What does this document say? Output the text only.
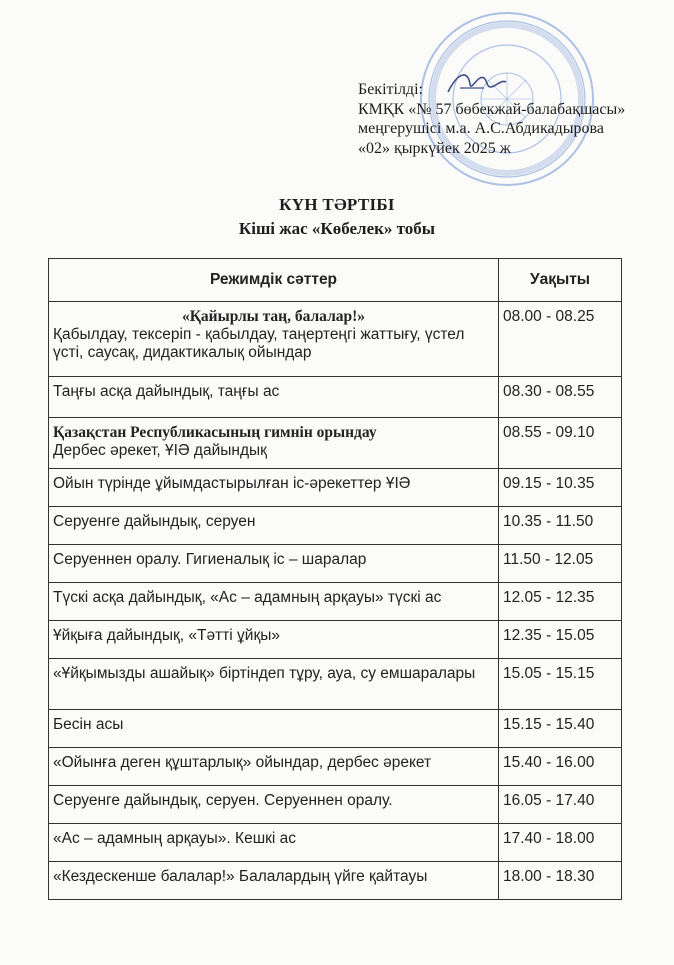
Бекітілді:
КМҚК «№ 57 бөбекжай-балабақшасы»
меңгерушісі м.а. А.С.Абдикадырова
«02» қыркүйек 2025 ж
КҮН ТӘРТІБІ
Кіші жас «Көбелек» тобы
Режимдік сәттер	Уақыты

«Қайырлы таң, балалар!»
Қабылдау, тексеріп - қабылдау, таңертеңгі жаттығу, үстел үсті, саусақ, дидактикалық ойындар	08.00 - 08.25
Таңғы асқа дайындық, таңғы ас	08.30 - 08.55
Қазақстан Республикасының гимнін орындау
Дербес әрекет, ҰІӘ дайындық	08.55 - 09.10
Ойын түрінде ұйымдастырылған іс-әрекеттер ҰІӘ	09.15 - 10.35
Серуенге дайындық, серуен	10.35 - 11.50
Серуеннен оралу. Гигиеналық іс – шаралар	11.50 - 12.05
Түскі асқа дайындық, «Ас – адамның арқауы» түскі ас	12.05 - 12.35
Ұйқыға дайындық, «Тәтті ұйқы»	12.35 - 15.05
«Ұйқымызды ашайық» біртіндеп тұру, ауа, су емшаралары	15.05 - 15.15
Бесін асы	15.15 - 15.40
«Ойынға деген құштарлық» ойындар, дербес әрекет	15.40 - 16.00
Серуенге дайындық, серуен. Серуеннен оралу.	16.05 - 17.40
«Ас – адамның арқауы». Кешкі ас	17.40 - 18.00
«Кездескенше балалар!» Балалардың үйге қайтауы	18.00 - 18.30
